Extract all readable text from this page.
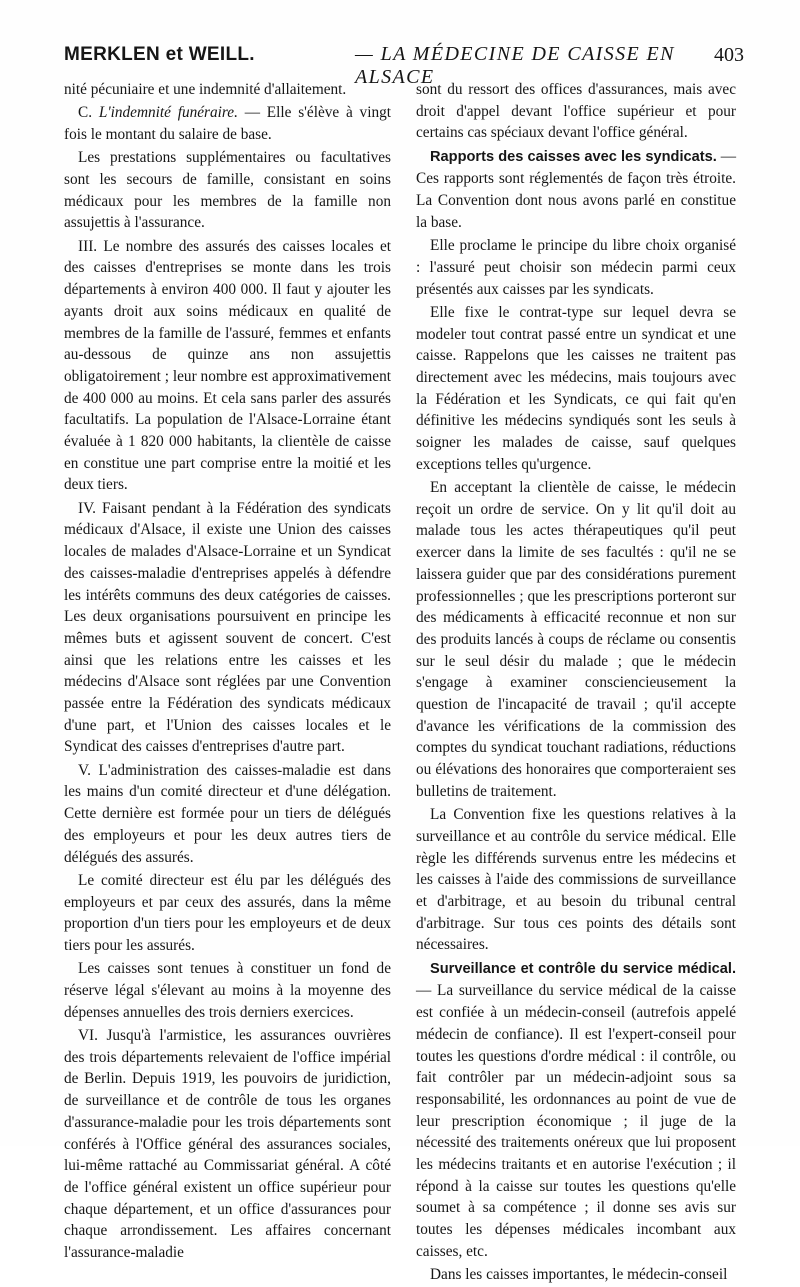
MERKLEN et WEILL.	— LA MÉDECINE DE CAISSE EN ALSACE
403

nité pécuniaire et une indemnité d'allaitement.

C. L'indemnité funéraire. — Elle s'élève à vingt fois le montant du salaire de base.

Les prestations supplémentaires ou facultatives sont les secours de famille, consistant en soins médicaux pour les membres de la famille non assujettis à l'assurance.

III. Le nombre des assurés des caisses locales et des caisses d'entreprises se monte dans les trois départements à environ 400 000. Il faut y ajouter les ayants droit aux soins médicaux en qualité de membres de la famille de l'assuré, femmes et enfants au-dessous de quinze ans non assujettis obligatoirement ; leur nombre est approximativement de 400 000 au moins. Et cela sans parler des assurés facultatifs. La population de l'Alsace-Lorraine étant évaluée à 1 820 000 habitants, la clientèle de caisse en constitue une part comprise entre la moitié et les deux tiers.

IV. Faisant pendant à la Fédération des syndicats médicaux d'Alsace, il existe une Union des caisses locales de malades d'Alsace-Lorraine et un Syndicat des caisses-maladie d'entreprises appelés à défendre les intérêts communs des deux catégories de caisses. Les deux organisations poursuivent en principe les mêmes buts et agissent souvent de concert. C'est ainsi que les relations entre les caisses et les médecins d'Alsace sont réglées par une Convention passée entre la Fédération des syndicats médicaux d'une part, et l'Union des caisses locales et le Syndicat des caisses d'entreprises d'autre part.

V. L'administration des caisses-maladie est dans les mains d'un comité directeur et d'une délégation. Cette dernière est formée pour un tiers de délégués des employeurs et pour les deux autres tiers de délégués des assurés.

Le comité directeur est élu par les délégués des employeurs et par ceux des assurés, dans la même proportion d'un tiers pour les employeurs et de deux tiers pour les assurés.

Les caisses sont tenues à constituer un fond de réserve légal s'élevant au moins à la moyenne des dépenses annuelles des trois derniers exercices.

VI. Jusqu'à l'armistice, les assurances ouvrières des trois départements relevaient de l'office impérial de Berlin. Depuis 1919, les pouvoirs de juridiction, de surveillance et de contrôle de tous les organes d'assurance-maladie pour les trois départements sont conférés à l'Office général des assurances sociales, lui-même rattaché au Commissariat général. A côté de l'office général existent un office supérieur pour chaque département, et un office d'assurances pour chaque arrondissement. Les affaires concernant l'assurance-maladie

sont du ressort des offices d'assurances, mais avec droit d'appel devant l'office supérieur et pour certains cas spéciaux devant l'office général.

Rapports des caisses avec les syndicats. — Ces rapports sont réglementés de façon très étroite. La Convention dont nous avons parlé en constitue la base.

Elle proclame le principe du libre choix organisé : l'assuré peut choisir son médecin parmi ceux présentés aux caisses par les syndicats.

Elle fixe le contrat-type sur lequel devra se modeler tout contrat passé entre un syndicat et une caisse. Rappelons que les caisses ne traitent pas directement avec les médecins, mais toujours avec la Fédération et les Syndicats, ce qui fait qu'en définitive les médecins syndiqués sont les seuls à soigner les malades de caisse, sauf quelques exceptions telles qu'urgence.

En acceptant la clientèle de caisse, le médecin reçoit un ordre de service. On y lit qu'il doit au malade tous les actes thérapeutiques qu'il peut exercer dans la limite de ses facultés : qu'il ne se laissera guider que par des considérations purement professionnelles ; que les prescriptions porteront sur des médicaments à efficacité reconnue et non sur des produits lancés à coups de réclame ou consentis sur le seul désir du malade ; que le médecin s'engage à examiner consciencieusement la question de l'incapacité de travail ; qu'il accepte d'avance les vérifications de la commission des comptes du syndicat touchant radiations, réductions ou élévations des honoraires que comporteraient ses bulletins de traitement.

La Convention fixe les questions relatives à la surveillance et au contrôle du service médical. Elle règle les différends survenus entre les médecins et les caisses à l'aide des commissions de surveillance et d'arbitrage, et au besoin du tribunal central d'arbitrage. Sur tous ces points des détails sont nécessaires.

Surveillance et contrôle du service médical. — La surveillance du service médical de la caisse est confiée à un médecin-conseil (autrefois appelé médecin de confiance). Il est l'expert-conseil pour toutes les questions d'ordre médical : il contrôle, ou fait contrôler par un médecin-adjoint sous sa responsabilité, les ordonnances au point de vue de leur prescription économique ; il juge de la nécessité des traitements onéreux que lui proposent les médecins traitants et en autorise l'exécution ; il répond à la caisse sur toutes les questions qu'elle soumet à sa compétence ; il donne ses avis sur toutes les dépenses médicales incombant aux caisses, etc.

Dans les caisses importantes, le médecin-conseil
